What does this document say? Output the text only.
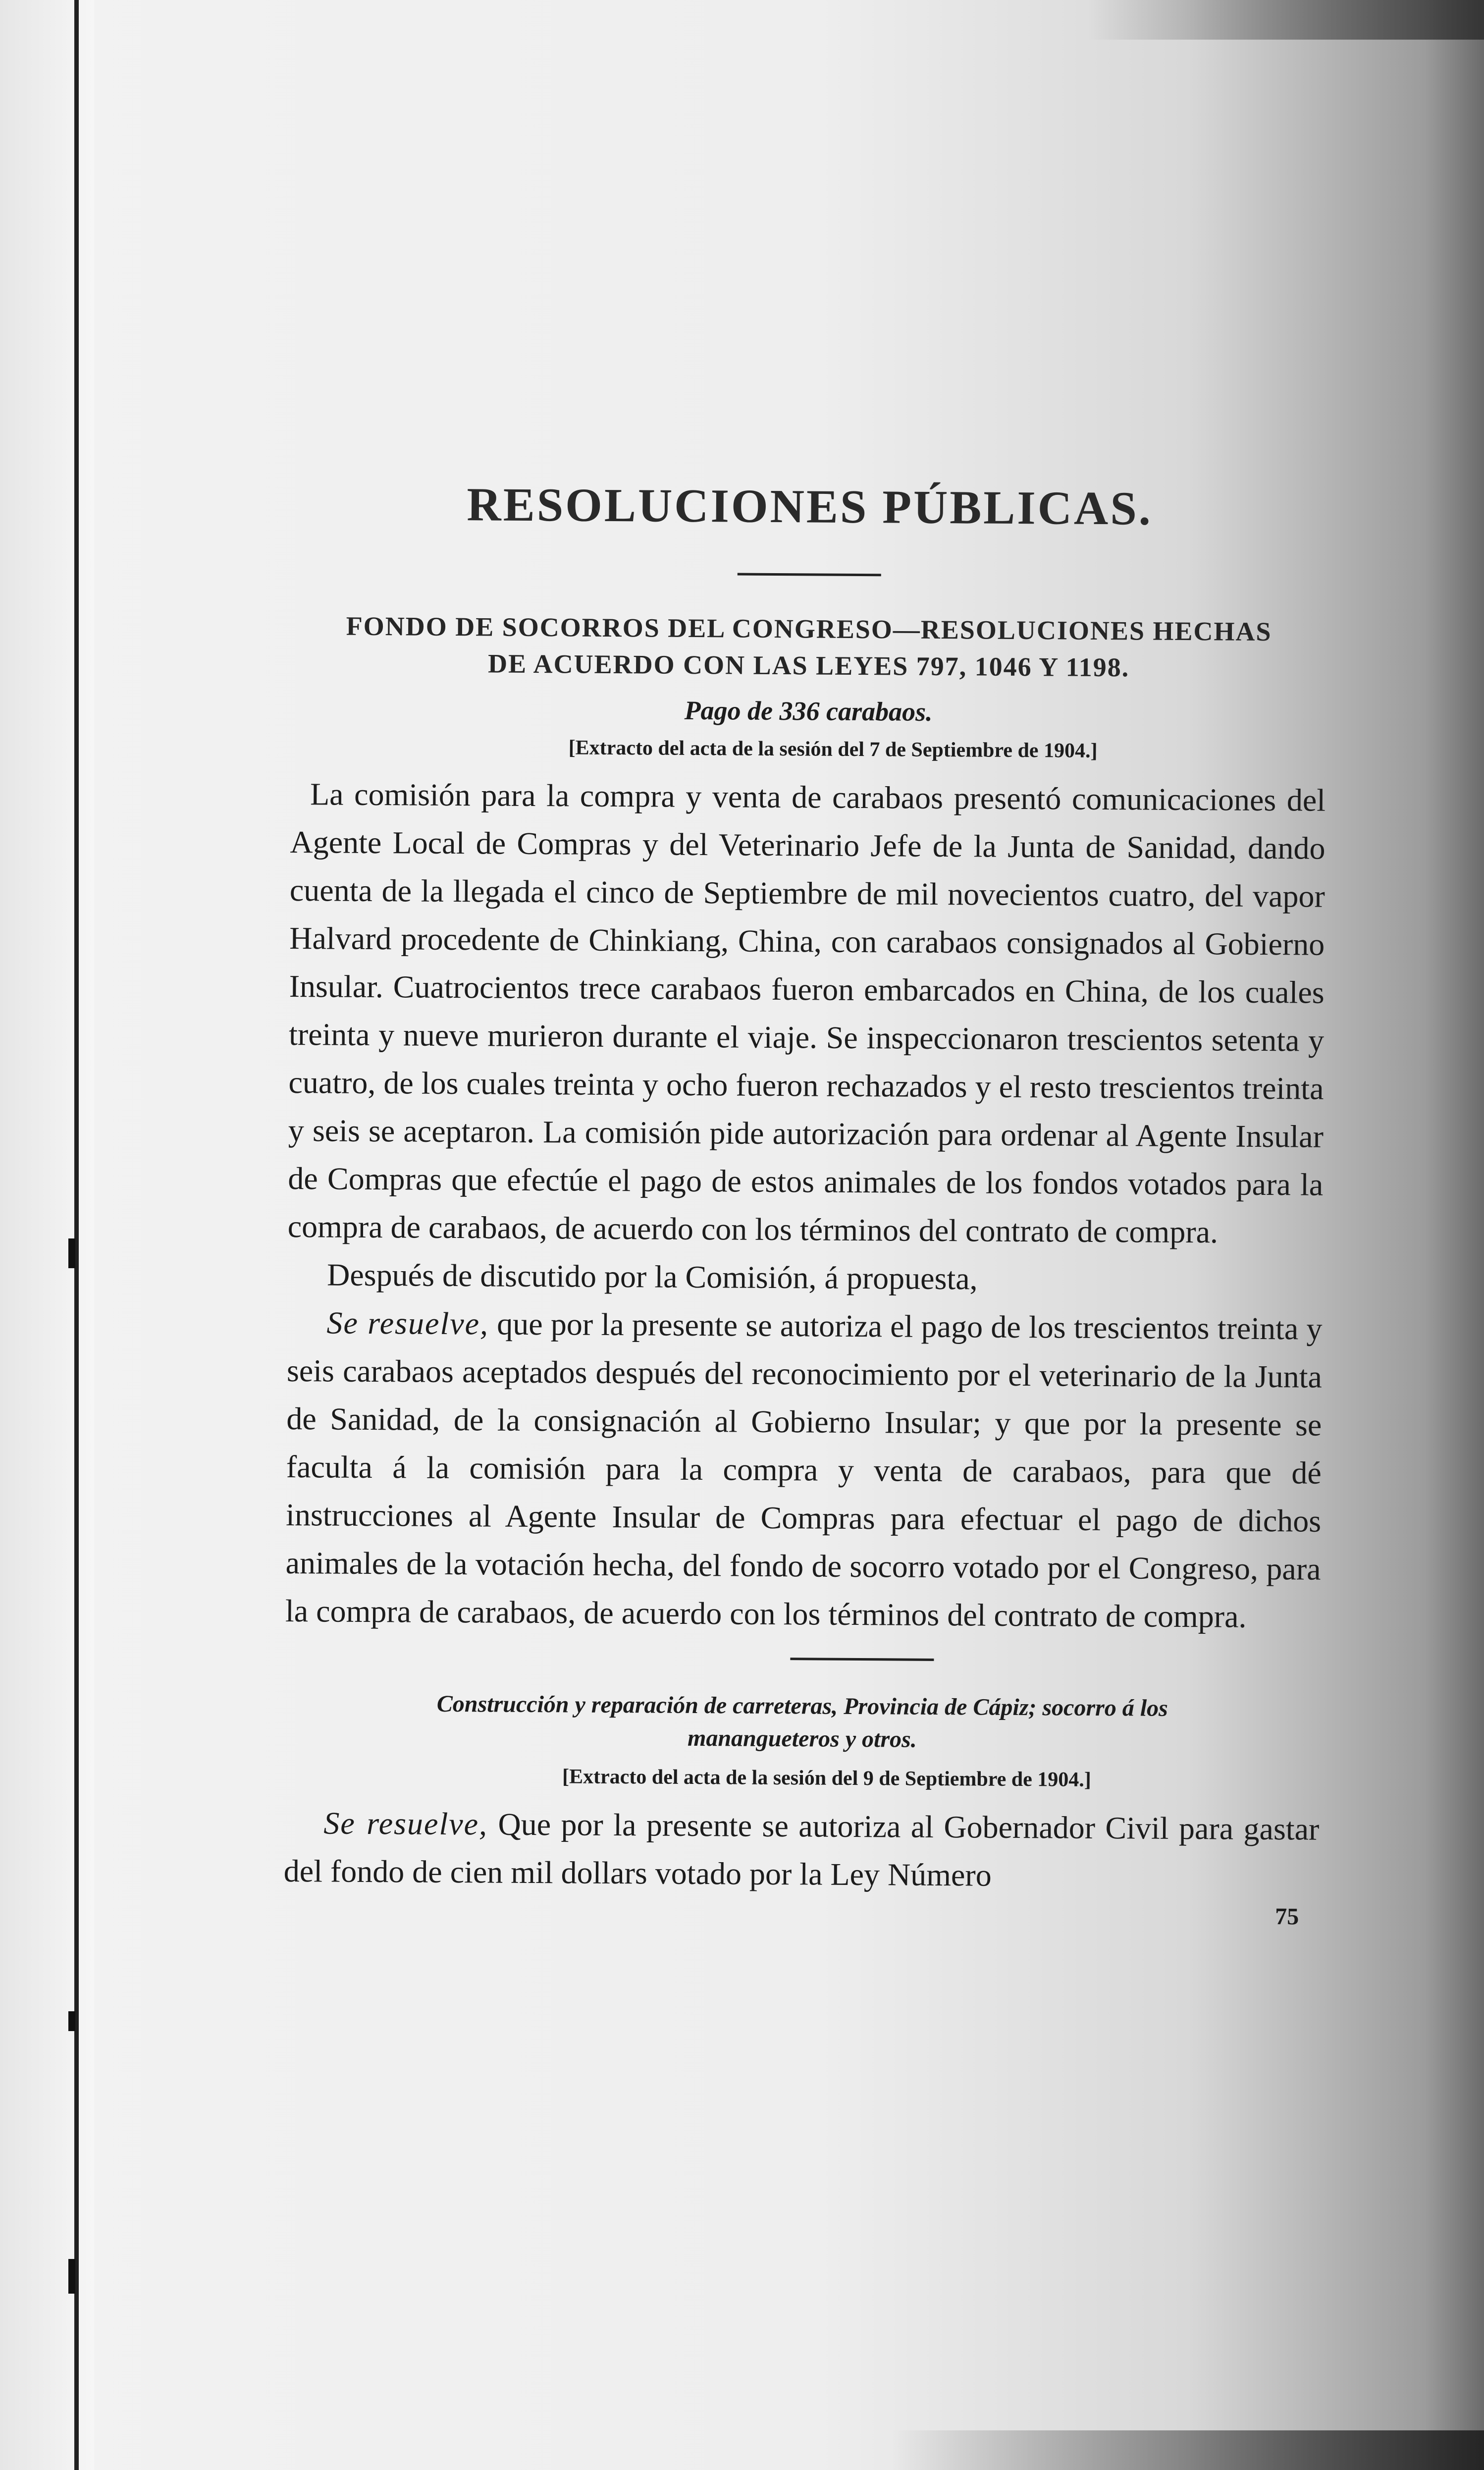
RESOLUCIONES PÚBLICAS.
FONDO DE SOCORROS DEL CONGRESO—RESOLUCIONES HECHAS
DE ACUERDO CON LAS LEYES 797, 1046 Y 1198.
Pago de 336 carabaos.
[Extracto del acta de la sesión del 7 de Septiembre de 1904.]

La comisión para la compra y venta de carabaos presentó comunicaciones del Agente Local de Compras y del Veterinario Jefe de la Junta de Sanidad, dando cuenta de la llegada el cinco de Septiembre de mil novecientos cuatro, del vapor Halvard procedente de Chinkiang, China, con carabaos consignados al Gobierno Insular. Cuatrocientos trece carabaos fueron embarcados en China, de los cuales treinta y nueve murieron durante el viaje. Se inspeccionaron trescientos setenta y cuatro, de los cuales treinta y ocho fueron rechazados y el resto trescientos treinta y seis se aceptaron. La comisión pide autorización para ordenar al Agente Insular de Compras que efectúe el pago de estos animales de los fondos votados para la compra de carabaos, de acuerdo con los términos del contrato de compra.

Después de discutido por la Comisión, á propuesta,

Se resuelve, que por la presente se autoriza el pago de los trescientos treinta y seis carabaos aceptados después del reconocimiento por el veterinario de la Junta de Sanidad, de la consignación al Gobierno Insular; y que por la presente se faculta á la comisión para la compra y venta de carabaos, para que dé instrucciones al Agente Insular de Compras para efectuar el pago de dichos animales de la votación hecha, del fondo de socorro votado por el Congreso, para la compra de carabaos, de acuerdo con los términos del contrato de compra.

Construcción y reparación de carreteras, Provincia de Cápiz; socorro á los
manangueteros y otros.
[Extracto del acta de la sesión del 9 de Septiembre de 1904.]

Se resuelve, Que por la presente se autoriza al Gobernador Civil para gastar del fondo de cien mil dollars votado por la Ley Número

75
